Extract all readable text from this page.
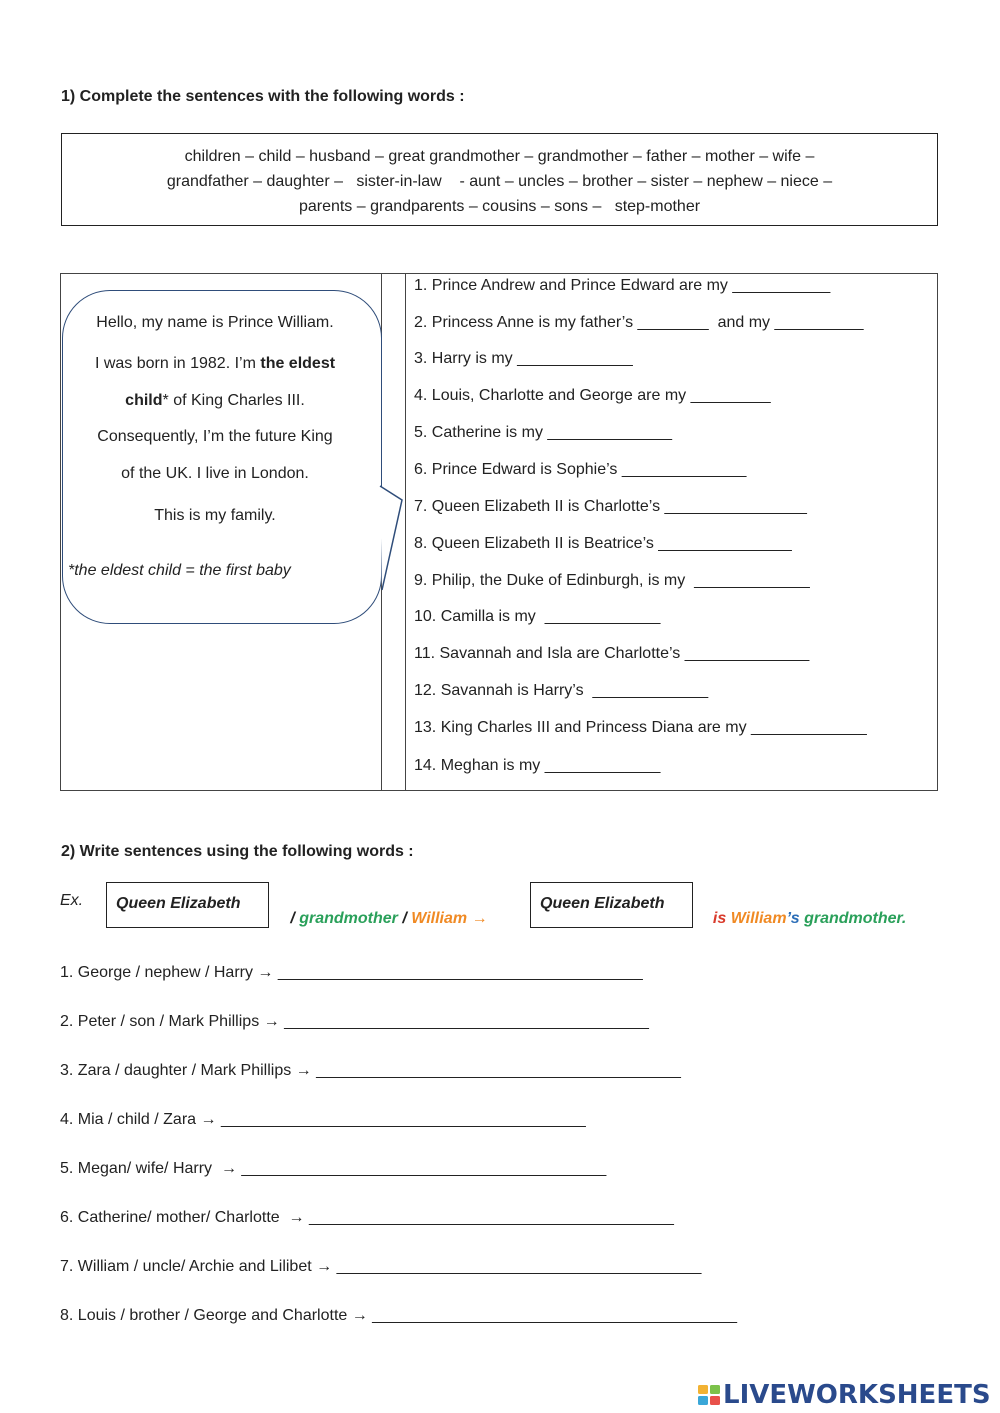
1) Complete the sentences with the following words :
children – child – husband – great grandmother – grandmother – father – mother – wife –
grandfather – daughter –   sister-in-law    - aunt – uncles – brother – sister – nephew – niece –
parents – grandparents – cousins – sons –   step-mother
Hello, my name is Prince William.
I was born in 1982. I’m the eldest
child* of King Charles III.
Consequently, I’m the future King
of the UK. I live in London.
This is my family.
*the eldest child = the first baby
1. Prince Andrew and Prince Edward are my ___________
2. Princess Anne is my father’s ________  and my __________
3. Harry is my _____________
4. Louis, Charlotte and George are my _________
5. Catherine is my ______________
6. Prince Edward is Sophie’s ______________
7. Queen Elizabeth II is Charlotte’s ________________
8. Queen Elizabeth II is Beatrice’s _______________
9. Philip, the Duke of Edinburgh, is my  _____________
10. Camilla is my  _____________
11. Savannah and Isla are Charlotte’s ______________
12. Savannah is Harry’s  _____________
13. King Charles III and Princess Diana are my _____________
14. Meghan is my _____________
2) Write sentences using the following words :
Ex.	Queen Elizabeth

/ grandmother / William →

Queen Elizabeth

is William’s grandmother.

1. George / nephew / Harry → _________________________________________
2. Peter / son / Mark Phillips → _________________________________________
3. Zara / daughter / Mark Phillips → _________________________________________
4. Mia / child / Zara → _________________________________________
5. Megan/ wife/ Harry  → _________________________________________
6. Catherine/ mother/ Charlotte  → _________________________________________
7. William / uncle/ Archie and Lilibet → _________________________________________
8. Louis / brother / George and Charlotte → _________________________________________
LIVEWORKSHEETS
